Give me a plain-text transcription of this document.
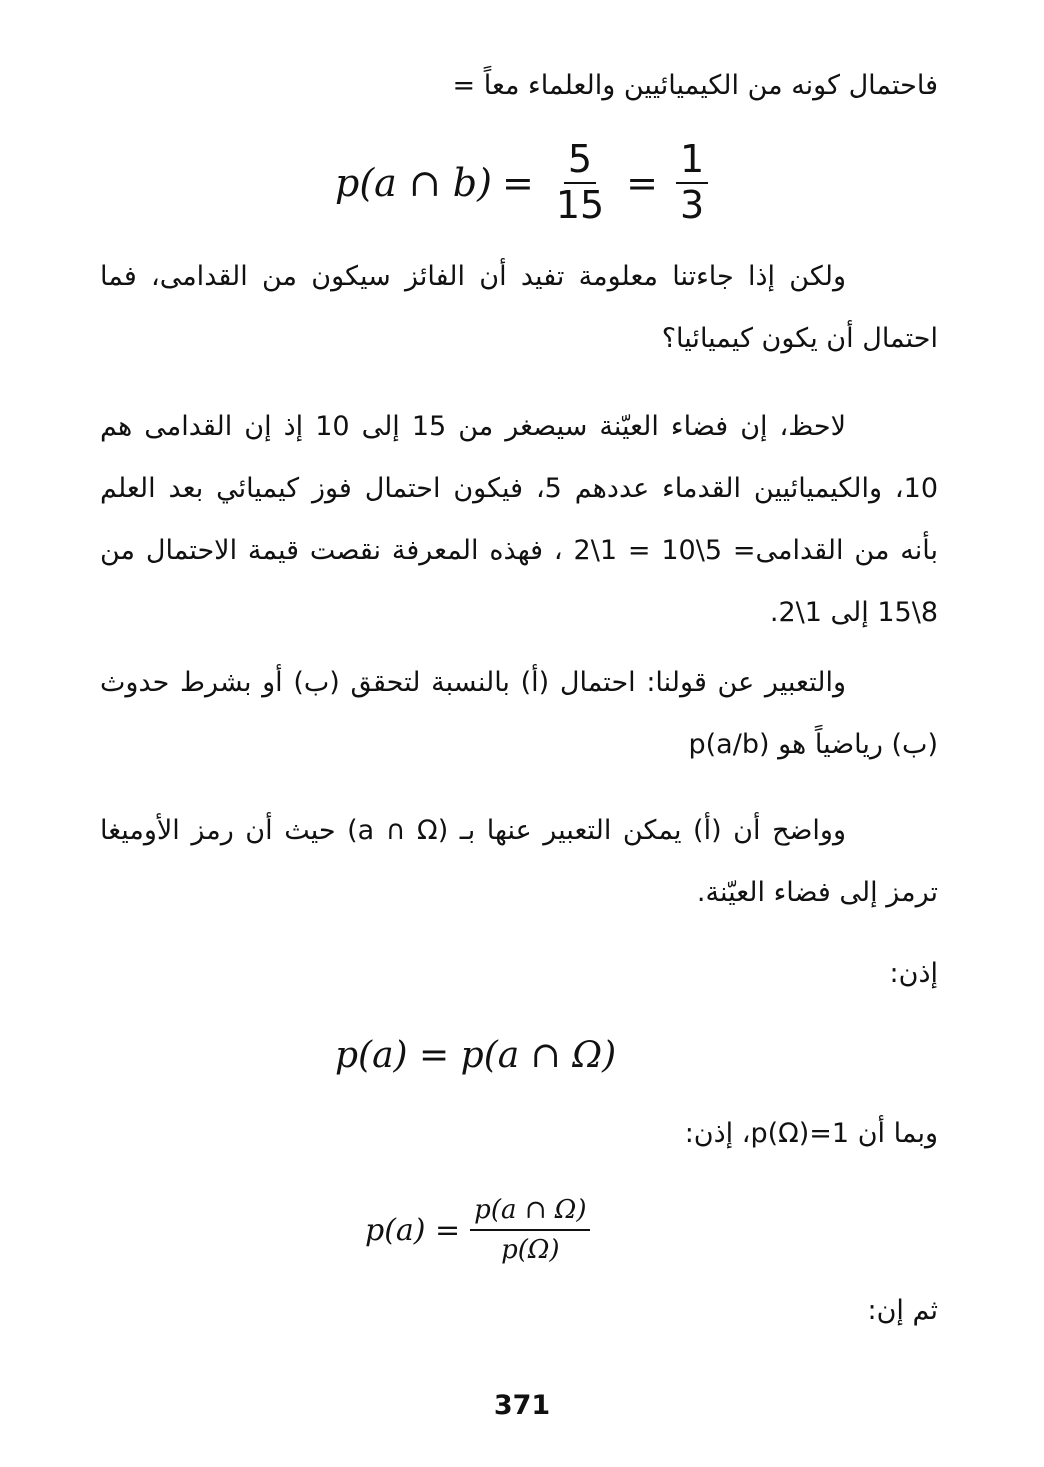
فاحتمال كونه من الكيميائيين والعلماء معاً =
p(a ∩ $b) = \frac{5}{15} = \frac{1}{3}$

ولكن إذا جاءتنا معلومة تفيد أن الفائز سيكون من القدامى، فما احتمال أن يكون كيميائيا؟

لاحظ، إن فضاء العيّنة سيصغر من 15 إلى 10 إذ إن القدامى هم 10، والكيميائيين القدماء عددهم 5، فيكون احتمال فوز كيميائي بعد العلم بأنه من القدامى= 5\10 = 1\2 ، فهذه المعرفة نقصت قيمة الاحتمال من 8\15 إلى 1\2.

والتعبير عن قولنا: احتمال (أ) بالنسبة لتحقق (ب) أو بشرط حدوث (ب) رياضياً هو p(a/b)

وواضح أن (أ) يمكن التعبير عنها بـ (a ∩ Ω) حيث أن رمز الأوميغا ترمز إلى فضاء العيّنة.

إذن:
p(a) = p(a ∩ Ω)
وبما أن 1=p(Ω)، إذن:
$p(a) = \frac{p(a \cap \Omega)}{p(\Omega)}$
ثم إن:
371
